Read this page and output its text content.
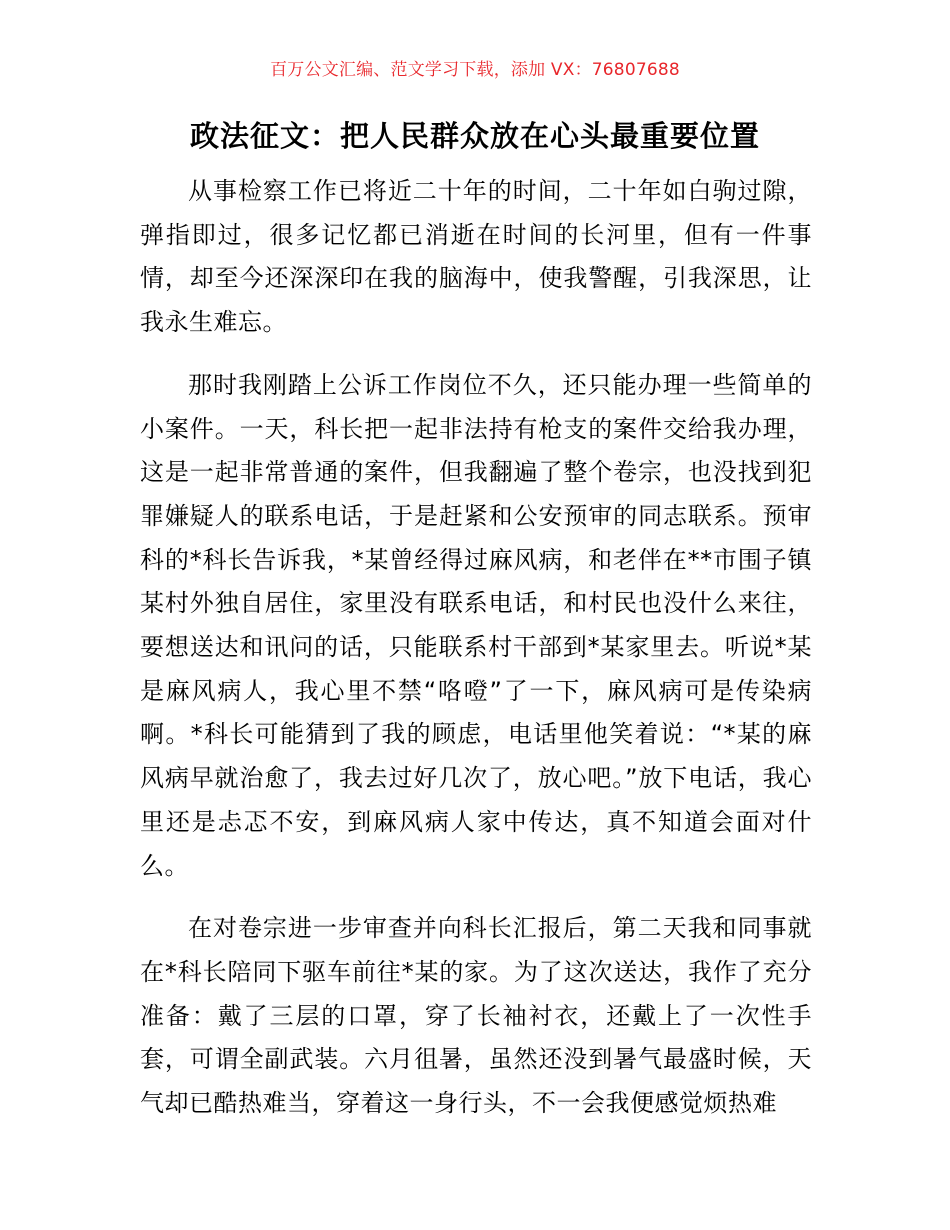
百万公文汇编、范文学习下载，添加 VX：76807688
政法征文：把人民群众放在心头最重要位置

从事检察工作已将近二十年的时间，二十年如白驹过隙，弹指即过，很多记忆都已消逝在时间的长河里，但有一件事情，却至今还深深印在我的脑海中，使我警醒，引我深思，让我永生难忘。

那时我刚踏上公诉工作岗位不久，还只能办理一些简单的小案件。一天，科长把一起非法持有枪支的案件交给我办理，这是一起非常普通的案件，但我翻遍了整个卷宗，也没找到犯罪嫌疑人的联系电话，于是赶紧和公安预审的同志联系。预审科的*科长告诉我，*某曾经得过麻风病，和老伴在**市围子镇某村外独自居住，家里没有联系电话，和村民也没什么来往，要想送达和讯问的话，只能联系村干部到*某家里去。听说*某是麻风病人，我心里不禁“咯噔”了一下，麻风病可是传染病啊。*科长可能猜到了我的顾虑，电话里他笑着说：“*某的麻风病早就治愈了，我去过好几次了，放心吧。”放下电话，我心里还是忐忑不安，到麻风病人家中传达，真不知道会面对什么。

在对卷宗进一步审查并向科长汇报后，第二天我和同事就在*科长陪同下驱车前往*某的家。为了这次送达，我作了充分准备：戴了三层的口罩，穿了长袖衬衣，还戴上了一次性手套，可谓全副武装。六月徂暑，虽然还没到暑气最盛时候，天气却已酷热难当，穿着这一身行头，不一会我便感觉烦热难
